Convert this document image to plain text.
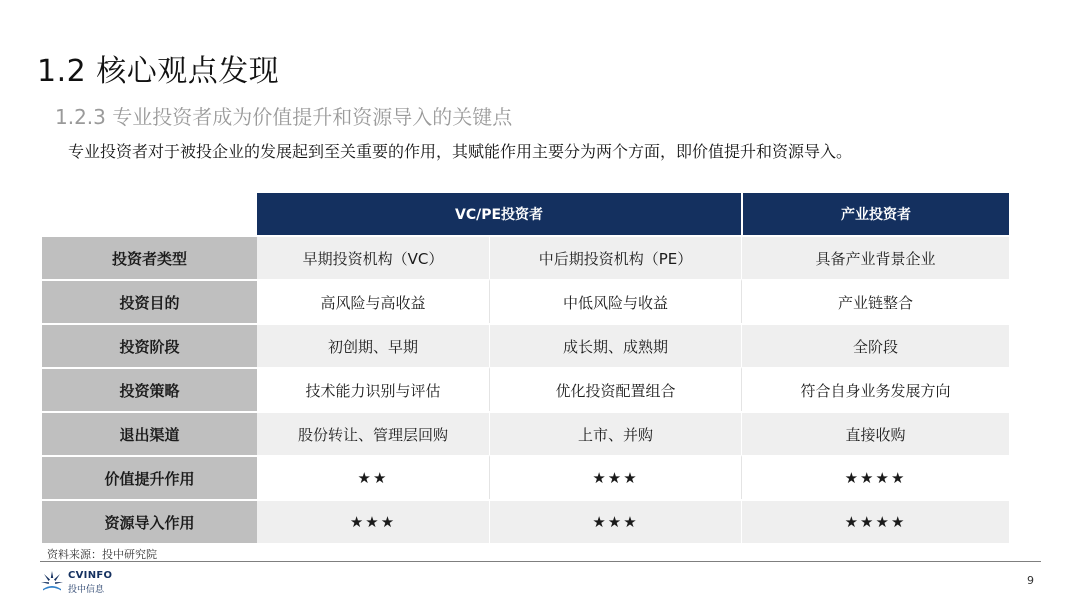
1.2 核心观点发现
1.2.3 专业投资者成为价值提升和资源导入的关键点
专业投资者对于被投企业的发展起到至关重要的作用，其赋能作用主要分为两个方面，即价值提升和资源导入。
	VC/PE投资者		产业投资者
投资者类型	早期投资机构（VC）	中后期投资机构（PE）	具备产业背景企业
投资目的	高风险与高收益	中低风险与收益	产业链整合
投资阶段	初创期、早期	成长期、成熟期	全阶段
投资策略	技术能力识别与评估	优化投资配置组合	符合自身业务发展方向
退出渠道	股份转让、管理层回购	上市、并购	直接收购
价值提升作用	★★	★★★	★★★★
资源导入作用	★★★	★★★	★★★★
资料来源：投中研究院
CVINFO
投中信息
9
